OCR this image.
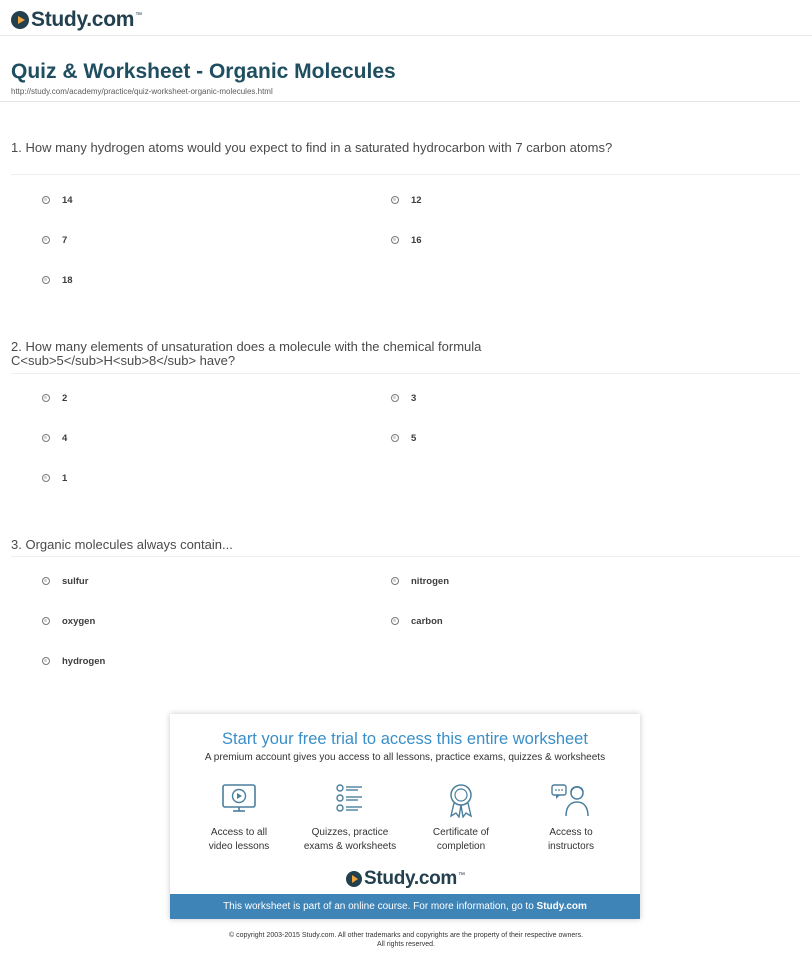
Study.com ™
Quiz & Worksheet - Organic Molecules
http://study.com/academy/practice/quiz-worksheet-organic-molecules.html
1. How many hydrogen atoms would you expect to find in a saturated hydrocarbon with 7 carbon atoms?
14	12
7	16
18
2. How many elements of unsaturation does a molecule with the chemical formula C<sub>5</sub>H<sub>8</sub> have?
2	3
4	5
1
3. Organic molecules always contain...
sulfur	nitrogen
oxygen	carbon
hydrogen
Start your free trial to access this entire worksheet
A premium account gives you access to all lessons, practice exams, quizzes & worksheets
Access to all
video lessons
Quizzes, practice
exams & worksheets
Certificate of
completion
Access to
instructors
Study.com ™
This worksheet is part of an online course. For more information, go to Study.com
© copyright 2003-2015 Study.com. All other trademarks and copyrights are the property of their respective owners.
All rights reserved.
